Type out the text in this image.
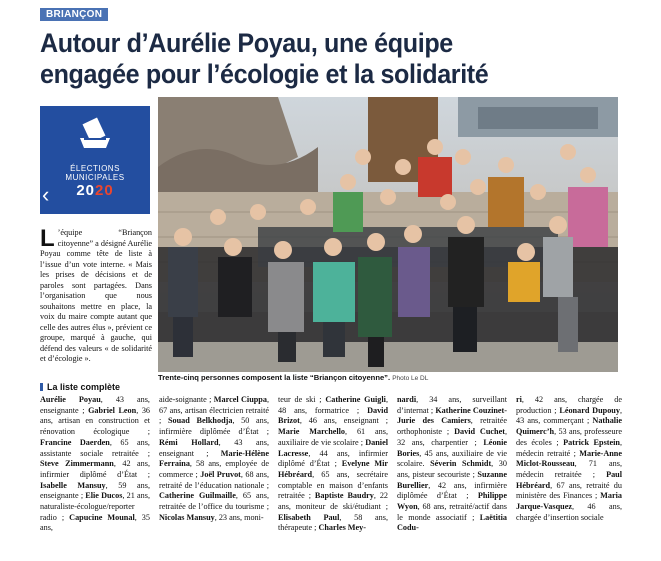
BRIANÇON
Autour d’Aurélie Poyau, une équipe
engagée pour l’écologie et la solidarité
ÉLECTIONS
MUNICIPALES
2020
‹
Trente-cinq personnes composent la liste “Briançon citoyenne”. Photo Le DL
L ’équipe “Briançon citoyenne” a désigné Aurélie Poyau comme tête de liste à l’issue d’un vote interne. « Mais les prises de décisions et de paroles sont partagées. Dans l’organisation que nous souhaitons mettre en place, la voix du maire compte autant que celle des autres élus », prévient ce groupe, marqué à gauche, qui défend des valeurs « de solidarité et d’écologie ».
La liste complète
Aurélie Poyau, 43 ans, enseignante ; Gabriel Leon, 36 ans, artisan en construction et rénovation écologique ; Francine Daerden, 65 ans, assistante sociale retraitée ; Steve Zimmermann, 42 ans, infirmier diplômé d’État ; Isabelle Mansuy, 59 ans, enseignante ; Elie Ducos, 21 ans, naturaliste-écologue/reporter radio ; Capucine Mounal, 35 ans,
aide-soignante ; Marcel Ciuppa, 67 ans, artisan électricien retraité ; Souad Belkhodja, 50 ans, infirmière diplômée d’État ; Rémi Hollard, 43 ans, enseignant ; Marie-Hélène Ferraina, 58 ans, employée de commerce ; Joël Pruvot, 68 ans, retraité de l’éducation nationale ; Catherine Guilmaille, 65 ans, retraitée de l’office du tourisme ; Nicolas Mansuy, 23 ans, moni-
teur de ski ; Catherine Guigli, 48 ans, formatrice ; David Brizot, 46 ans, enseignant ; Marie Marchello, 61 ans, auxiliaire de vie scolaire ; Daniel Lacresse, 44 ans, infirmier diplômé d’État ; Evelyne Mir Hébréard, 65 ans, secrétaire comptable en maison d’enfants retraitée ; Baptiste Baudry, 22 ans, moniteur de ski/étudiant ; Elisabeth Paul, 58 ans, thérapeute ; Charles Mey-
nardi, 34 ans, surveillant d’internat ; Katherine Couzinet-Jurie des Camiers, retraitée orthophoniste ; David Cuchet, 32 ans, charpentier ; Léonie Bories, 45 ans, auxiliaire de vie scolaire. Séverin Schmidt, 30 ans, pisteur secouriste ; Suzanne Burellier, 42 ans, infirmière diplômée d’État ; Philippe Wyon, 68 ans, retraité/actif dans le monde associatif ; Laëtitia Codu-
ri, 42 ans, chargée de production ; Léonard Dupouy, 43 ans, commerçant ; Nathalie Quimerc’h, 53 ans, professeure des écoles ; Patrick Epstein, médecin retraité ; Marie-Anne Miclot-Rousseau, 71 ans, médecin retraitée ; Paul Hébréard, 67 ans, retraité du ministère des Finances ; Maria Jarque-Vasquez, 46 ans, chargée d’insertion sociale
